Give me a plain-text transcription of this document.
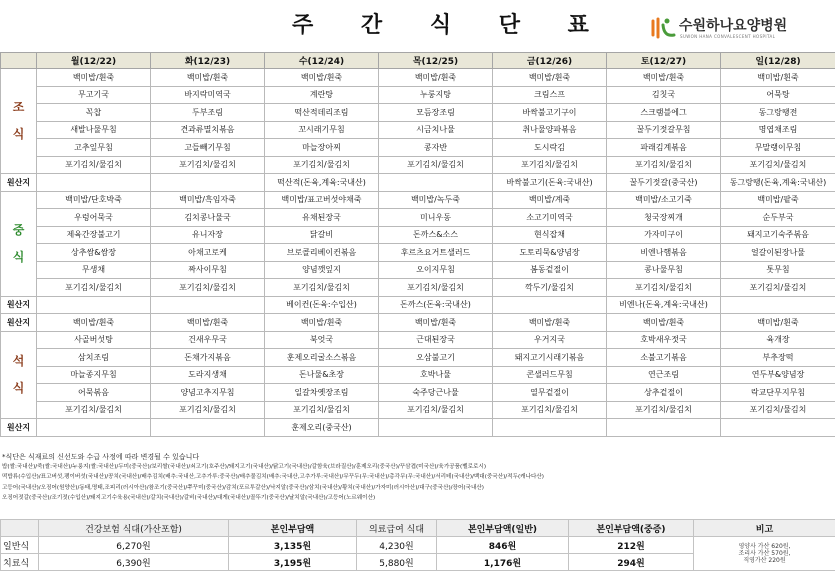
주 간 식 단 표	수원하나요양병원
SUWON HANA CONVALESCENT HOSPITAL
	월(12/22)	화(12/23)	수(12/24)	목(12/25)	금(12/26)	토(12/27)	일(12/28)

조
식	백미밥/흰죽	백미밥/흰죽	백미밥/흰죽	백미밥/흰죽	백미밥/흰죽	백미밥/흰죽	백미밥/흰죽
	무고기국	바지락미역국	계란탕	누룽지탕	크림스프	김칫국	어묵탕
	꼭찹	두부조림	떡산적데리조림	모듬장조림	바싹불고기구이	스크램블에그	동그랑땡전
	새발나물무침	견과류멸치볶음	꼬시래기무침	시금치나물	취나물양파볶음	꿀두기젓갈무침	명엽채조림
	고추잎무침	고들빼기무침	마늘장아찌	콩자반	도시락김	파래김계볶음	무말랭이무침
	포기김치/물김치	포기김치/물김치	포기김치/물김치	포기김치/물김치	포기김치/물김치	포기김치/물김치	포기김치/물김치
원산지			떡산적(돈육,계육:국내산)		바싹불고기(돈육:국내산)	꿀두기젓갈(중국산)	동그랑땡(돈육,계육:국내산)

중
식	백미밥/단호박죽	백미밥/흑임자죽	백미밥/표고버섯야채죽	백미밥/녹두죽	백미밥/계죽	백미밥/소고기죽	백미밥/팥죽
	우렁어묵국	김치콩나물국	유채된장국	미니우동	소고기미역국	청국장찌개	순두부국
	제육간장불고기	유니자장	닭갈비	돈까스&소스	현식잡채	가자미구이	돼지고기숙주볶음
	상추쌈&쌈장	아채고로케	브로콜리베이컨볶음	후르츠요거트샐러드	도토리묵&양념장	비엔나햄볶음	얼갈이된장나물
	무생채	짜사이무침	양념깻잎지	오이지무침	봄동겉절이	콩나물무침	톳무침
	포기김치/물김치	포기김치/물김치	포기김치/물김치	포기김치/물김치	깍두기/물김치	포기김치/물김치	포기김치/물김치
원산지			베이컨(돈육:수입산)	돈까스(돈육:국내산)		비엔나(돈육,계육:국내산)	
원산지	백미밥/흰죽	백미밥/흰죽	백미밥/흰죽	백미밥/흰죽	백미밥/흰죽	백미밥/흰죽	백미밥/흰죽

석
식	사골버섯탕	건새우무국	북엇국	근대된장국	우거지국	호박새우젓국	육개장
	삼치조림	돈채가지볶음	훈제오리굴소스볶음	오삼불고기	돼지고기시래기볶음	소불고기볶음	부추장떡
	마늘종지무침	도라지생채	돈나물&초장	호박나물	콘샐러드무침	연근조림	연두부&양념장
	어묵볶음	양념고추지무침	일갈차옛장조림	숙주당근나물	열무겉절이	상추겉절이	락교단무지무침
	포기김치/물김치	포기김치/물김치	포기김치/물김치	포기김치/물김치	포기김치/물김치	포기김치/물김치	포기김치/물김치
원산지			훈제오리(중국산)				
*식단은 식재료의 신선도와 수급 사정에 따라 변경될 수 있습니다
밥(쌀:국내산)/죽(쌀:국내산)/누룽지(쌀:국내산)/두미(중국산)/보리쌀(국내산)/쇠고기(호주산)/돼지고기(국내산)/닭고기(국내산)/갈함육(브라질산)/훈제오리(중국산)/꾸삼겹(미국산)/육가공품(벨로로시)
떡밥류(수입산)/표고버섯,팽이버섯(국내산)/꽁치(국내산)/배추김치(배추:국내산,고추가루:중국산)/배추물김치(배추:국내산,고추가루:국내산)/무꾸두(무:국내산)/총각무(무:국내산)/서리테(국내산)/백대(중국산)/적두(캐나다산)
고등어(국내산)/오징어(원양산)/동태,명태,조피리(러시아산)/참조기(중국산)/쭈꾸미(중국산)/감치(포르투갈산)/낙지알(중국산)/삼치(국내산)/황치(국내산)/가자미(러시아산)/대구(중국산)/장어(국내산)
오징어젓갈(중국산)/조기젓(수입산)/돼지고기수육용(국내산)/갈치(국내산)/갈비(국내산)/대게(국내산)/꼴뚜기(중국산)/날치알(국내산)/고등어(노르웨이산)
	건강보험 식대(가산포함)	본인부담액	의료급여 식대	본인부담액(일반)	본인부담액(중증)	비고
일반식	6,270원	3,135원	4,230원	846원	212원	영양사 가산 620원,
조리사 가산 570원,
직영가산 220원

치료식	6,390원	3,195원	5,880원	1,176원	294원	
